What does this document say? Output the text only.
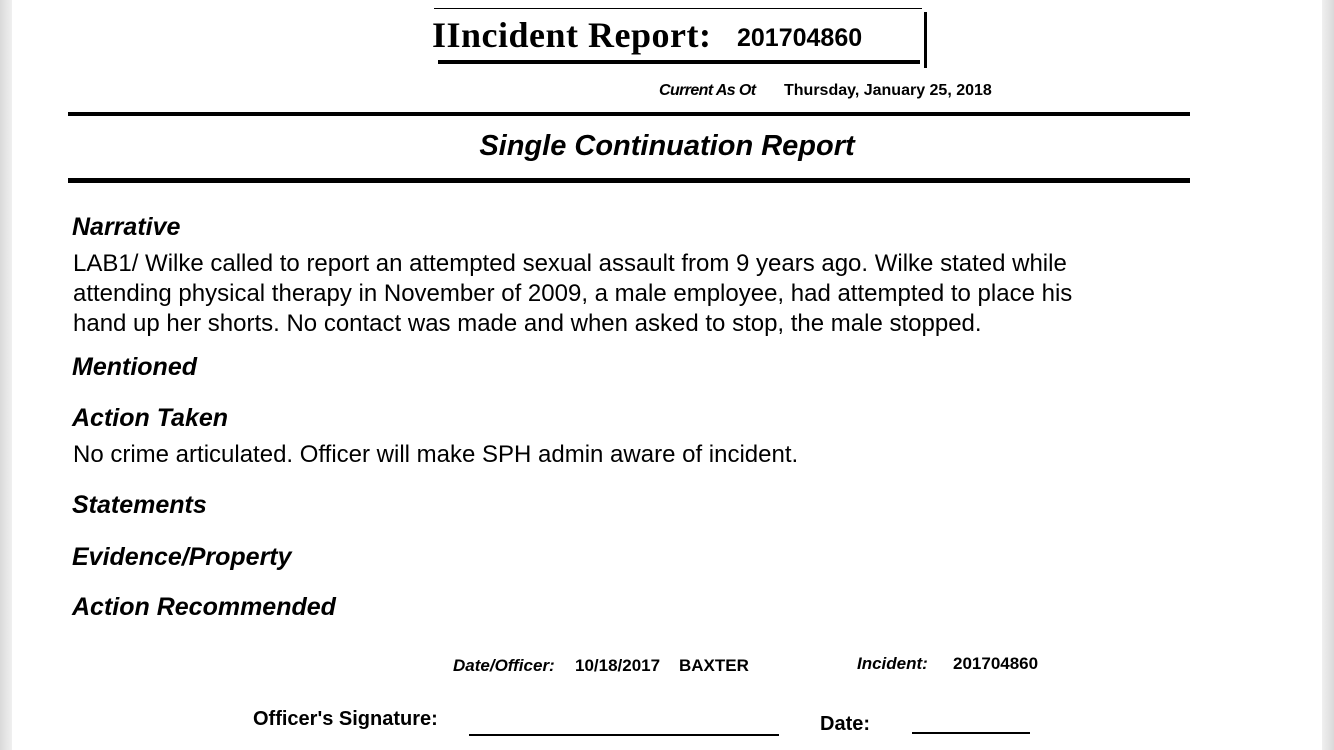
IIncident Report: 201704860
Current As Ot Thursday, January 25, 2018
Single Continuation Report
Narrative
LAB1/ Wilke called to report an attempted sexual assault from 9 years ago. Wilke stated while
attending physical therapy in November of 2009, a male employee, had attempted to place his
hand up her shorts. No contact was made and when asked to stop, the male stopped.
Mentioned
Action Taken
No crime articulated. Officer will make SPH admin aware of incident.
Statements
Evidence/Property
Action Recommended
Date/Officer: 10/18/2017 BAXTER	Incident: 201704860
Officer's Signature:	Date:
